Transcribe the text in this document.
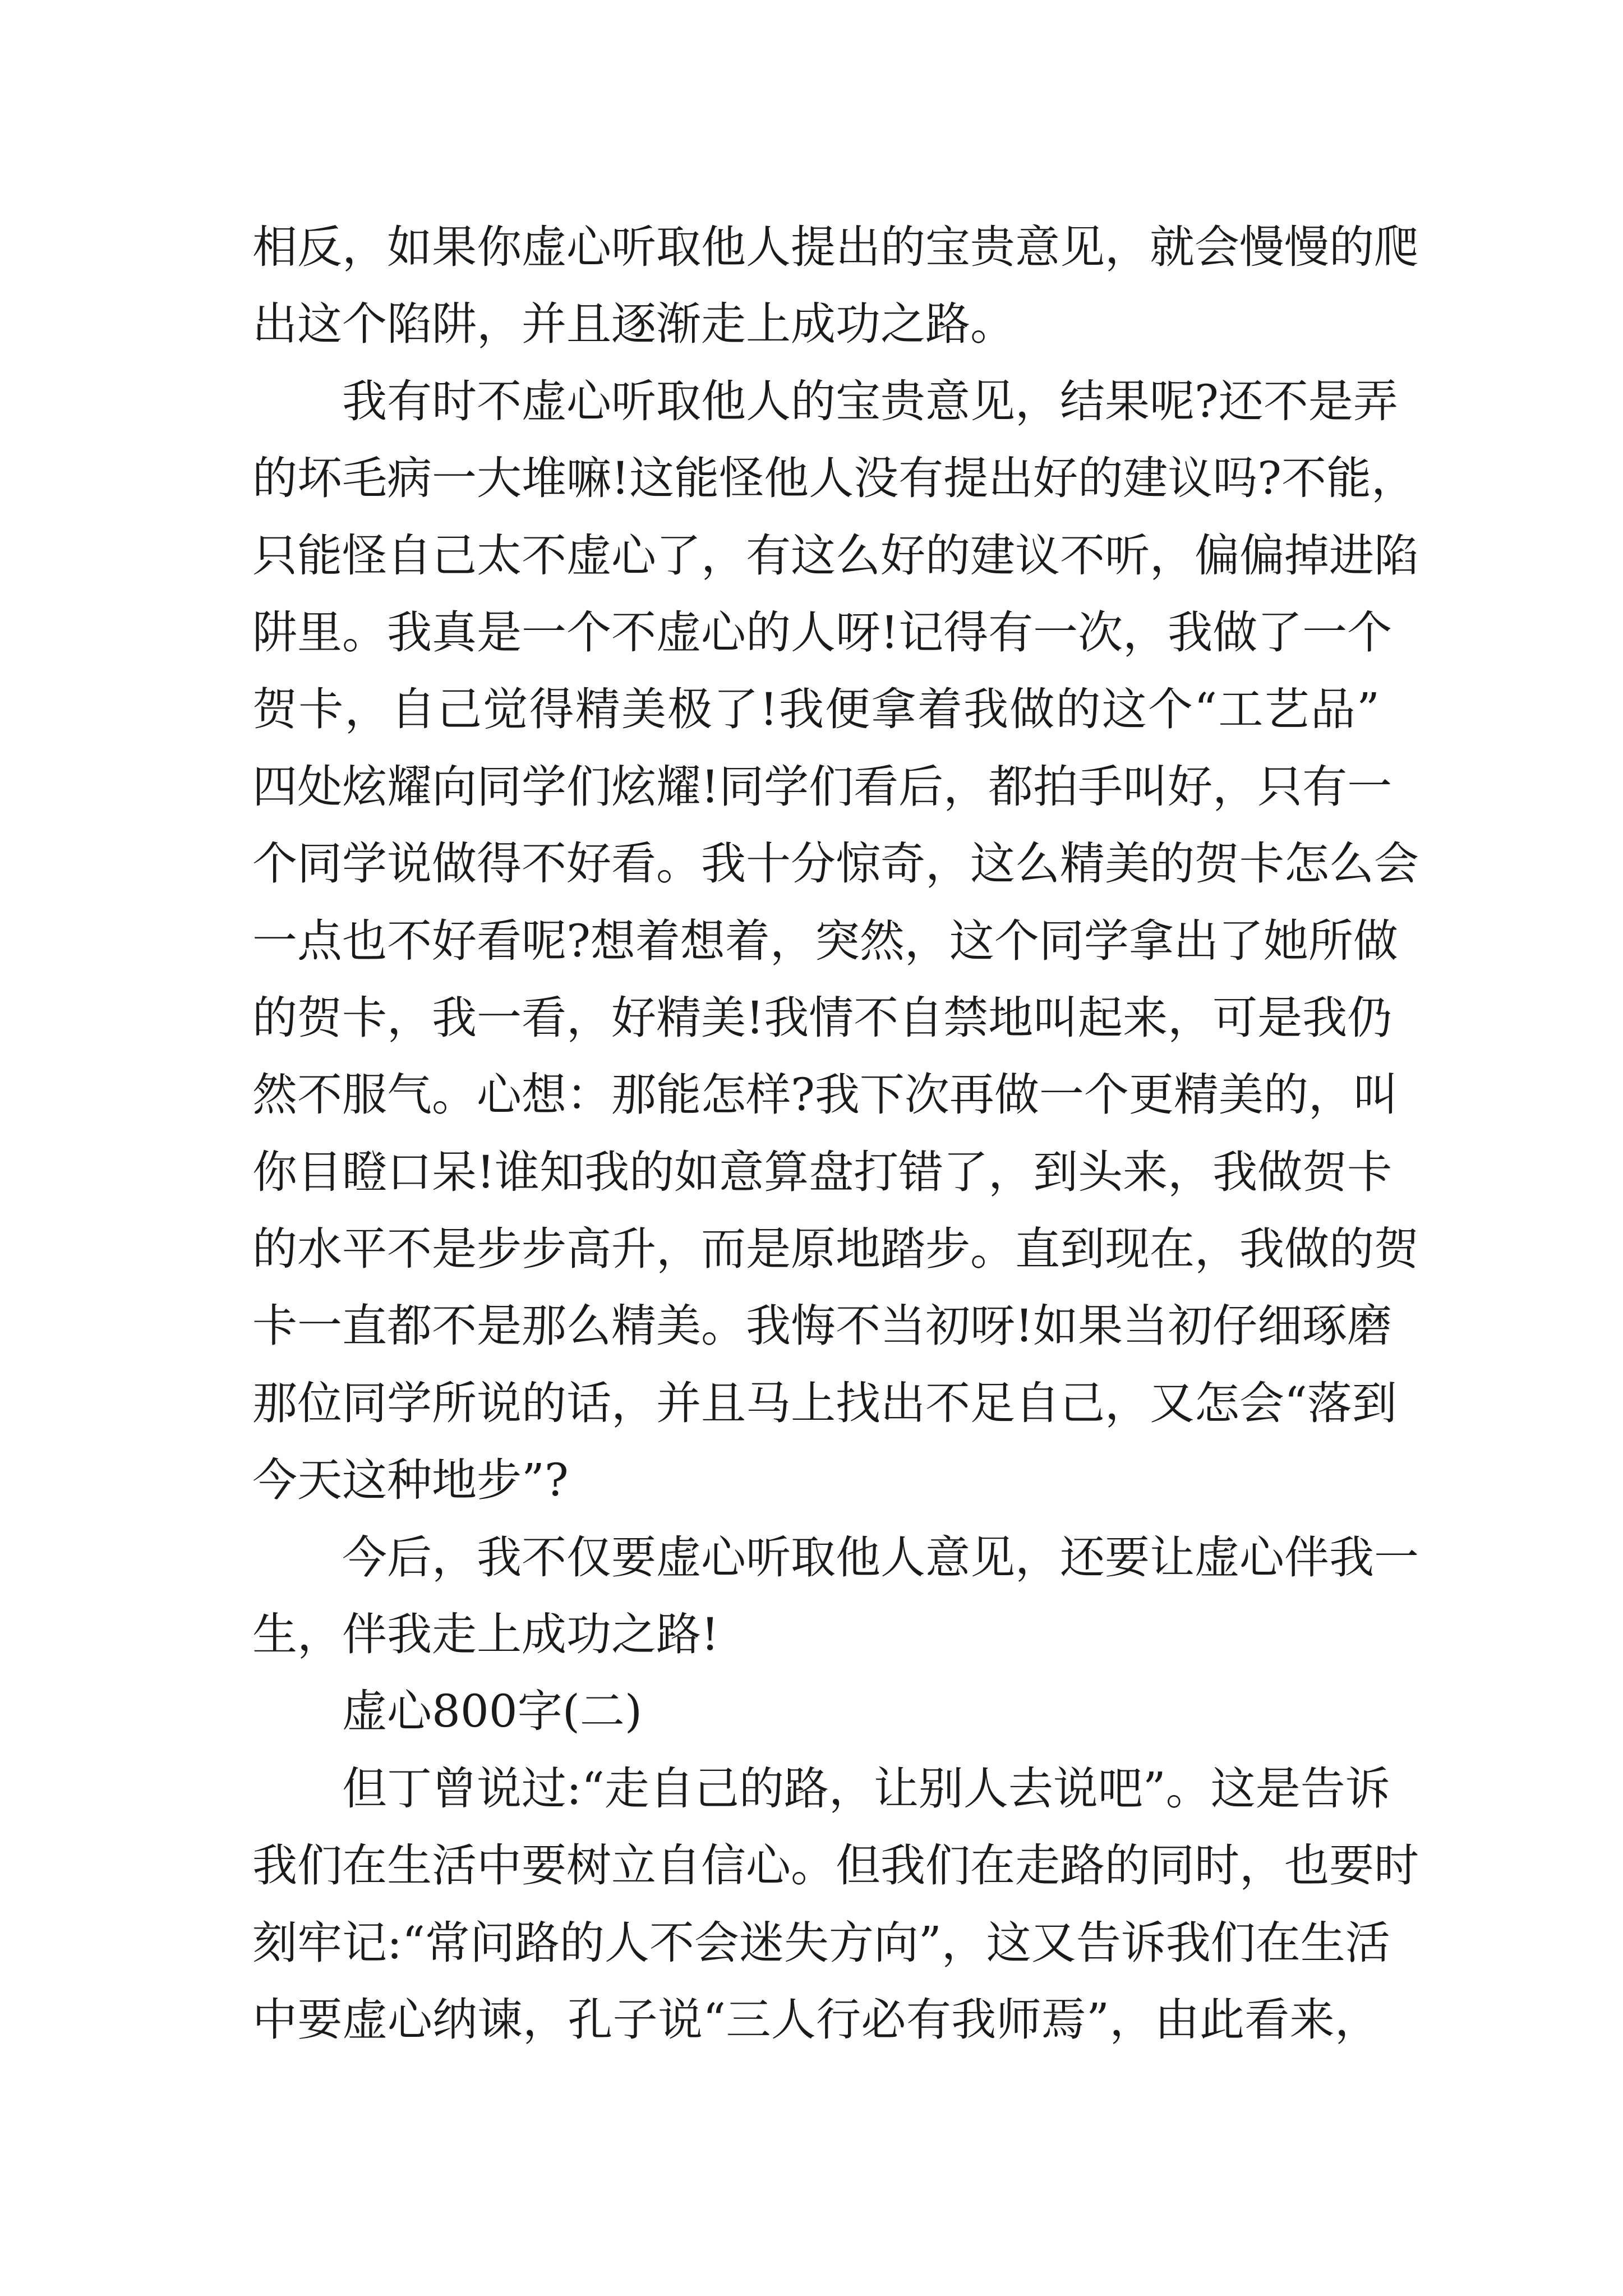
相反，如果你虚心听取他人提出的宝贵意见，就会慢慢的爬
出这个陷阱，并且逐渐走上成功之路。
我有时不虚心听取他人的宝贵意见，结果呢?还不是弄
的坏毛病一大堆嘛!这能怪他人没有提出好的建议吗?不能，
只能怪自己太不虚心了，有这么好的建议不听，偏偏掉进陷
阱里。我真是一个不虚心的人呀!记得有一次，我做了一个
贺卡，自己觉得精美极了!我便拿着我做的这个“工艺品”
四处炫耀向同学们炫耀!同学们看后，都拍手叫好，只有一
个同学说做得不好看。我十分惊奇，这么精美的贺卡怎么会
一点也不好看呢?想着想着，突然，这个同学拿出了她所做
的贺卡，我一看，好精美!我情不自禁地叫起来，可是我仍
然不服气。心想：那能怎样?我下次再做一个更精美的，叫
你目瞪口呆!谁知我的如意算盘打错了，到头来，我做贺卡
的水平不是步步高升，而是原地踏步。直到现在，我做的贺
卡一直都不是那么精美。我悔不当初呀!如果当初仔细琢磨
那位同学所说的话，并且马上找出不足自己，又怎会“落到
今天这种地步”?
今后，我不仅要虚心听取他人意见，还要让虚心伴我一
生，伴我走上成功之路!
虚心800字(二)
但丁曾说过:“走自己的路，让别人去说吧”。这是告诉
我们在生活中要树立自信心。但我们在走路的同时，也要时
刻牢记:“常问路的人不会迷失方向”，这又告诉我们在生活
中要虚心纳谏，孔子说“三人行必有我师焉”，由此看来，
